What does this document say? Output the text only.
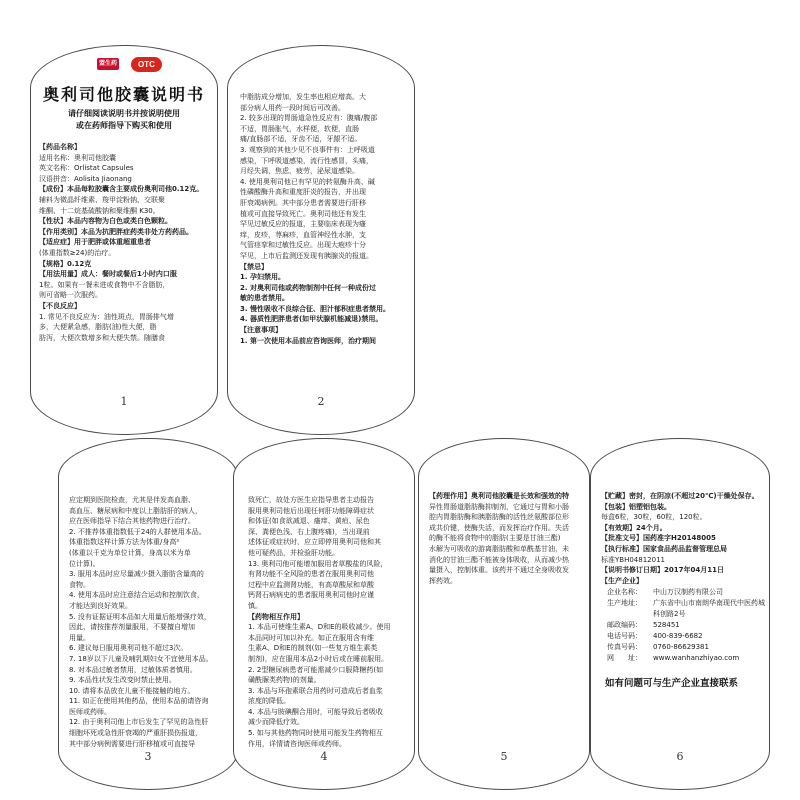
盟生药	OTC
奥利司他胶囊说明书
请仔细阅读说明书并按说明使用
或在药师指导下购买和使用

【药品名称】

适用名称：奥利司他胶囊

英文名称：Orlistat Capsules

汉语拼音：Aolisita Jiaonang

【成份】本品每粒胶囊含主要成份奥利司他0.12克。

辅料为微晶纤维素、羧甲淀粉钠、交联聚

维酮、十二烷基硫酸钠和聚维酮 K30。

【性状】本品内容物为白色或类白色颗粒。

【作用类别】本品为抗肥胖症药类非处方药药品。

【适应症】用于肥胖或体重超重患者

(体重指数≥24)的治疗。

【规格】0.12克

【用法用量】成人：餐时或餐后1小时内口服

1粒。如果有一餐未进或食物中不含脂肪，

则可省略一次服药。

【不良反应】

1. 常见不良反应为：油性斑点，胃肠排气增

多，大便紧急感，脂肪(油)性大便，脂

肪泻，大便次数增多和大便失禁。随膳食

1

中脂肪成分增加，发生率也相应增高。大

部分病人用药一段时间后可改善。

2. 较多出现的胃肠道急性反应有：腹痛/腹部

不适，胃肠胀气，水样便，软便，直肠

痛/直肠部不适，牙齿不适，牙龈不适。

3. 观察到的其他少见不良事件有：上呼吸道

感染，下呼吸道感染，流行性感冒，头痛，

月经失调，焦虑，疲劳，泌尿道感染。

4. 使用奥利司他已有罕见的转氨酶升高、碱

性磷酸酶升高和重度肝炎的报告，并出现

肝衰竭病例。其中部分患者需要进行肝移

植或可直接导致死亡。奥利司他还有发生

罕见过敏反应的报道，主要临床表现为瘙

痒，皮疹，荨麻疹，血管神经性水肿，支

气管痉挛和过敏性反应。出现大疱疹十分

罕见，上市后监测还发现有胰腺炎的报道。

【禁忌】

1. 孕妇禁用。

2. 对奥利司他或药物制剂中任何一种成份过

敏的患者禁用。

3. 慢性吸收不良综合征、胆汁郁积症患者禁用。

4. 器质性肥胖患者(如甲状腺机能减退)禁用。

【注意事项】

1. 第一次使用本品前应咨询医师，治疗期间

2

应定期到医院检查，尤其是伴发高血脂、

高血压、糖尿病和中度以上脂肪肝的病人，

应在医师指导下结合其他药物进行治疗。

2. 不推荐体重指数低于24的人群使用本品。

体重指数这样计算方法为体重/身高²

(体重以千克为单位计算，身高以米为单

位计算)。

3. 服用本品时应尽量减少摄入脂肪含量高的

食物。

4. 使用本品时应注意结合运动和控制饮食，

才能达到良好效果。

5. 没有证据证明本品如大用量后能增强疗效，

因此，请按推荐剂量服用，不要擅自增加

用量。

6. 建议每日服用奥利司他不超过3次。

7. 18岁以下儿童及哺乳期妇女不宜使用本品。

8. 对本品过敏者禁用，过敏体质者慎用。

9. 本品性状发生改变时禁止使用。

10. 请将本品放在儿童不能接触的地方。

11. 如正在使用其他药品，使用本品前请咨询

医师或药师。

12. 由于奥利司他上市后发生了罕见的急性肝

细胞坏死或急性肝衰竭的严重肝损伤报道，

其中部分病例需要进行肝移植或可直接导

3

致死亡，故处方医生应指导患者主动报告

服用奥利司他后出现任何肝功能障碍症状

和体征(如食欲减退、瘙痒、黄疸、尿色

深、粪便色浅、右上腹疼痛)，当出现前

述体征或症状时，应立即停用奥利司他和其

他可疑药品，并检验肝功能。

13. 奥利司他可能增加服用者草酸盐的风险，

有肾功能不全风险的患者在服用奥利司他

过程中应监测肾功能，有高草酸尿和草酸

钙肾石病病史的患者服用奥利司他时应谨

慎。

【药物相互作用】

1. 本品可使维生素A、D和E的吸收减少。使用

本品同时可加以补充。如正在服用含有维

生素A、D和E的制剂(如一些复方维生素类

制剂)，应在服用本品2小时后或在睡前服用。

2. 2型糖尿病患者可能需减少口服降糖药(如

磺酰脲类药物)的剂量。

3. 本品与环孢素联合用药时可造成后者血浆

浓度的降低。

4. 本品与胺碘酮合用时，可能导致后者吸收

减少而降低疗效。

5. 如与其他药物同时使用可能发生药物相互

作用，详情请咨询医师或药师。

4

【药理作用】奥利司他胶囊是长效和强效的特

异性胃肠道脂肪酶抑制剂，它通过与胃和小肠

腔内胃脂肪酶和胰脂肪酶的活性丝氨酸部位形

成共价键，使酶失活，而发挥治疗作用。失活

的酶不能将食物中的脂肪(主要是甘油三酯)

水解为可吸收的游离脂肪酸和单酰基甘油，未

消化的甘油三酯不能被身体吸收，从而减少热

量摄入，控制体重。该药并不通过全身吸收发

挥药效。

5

【贮藏】密封，在阴凉(不超过20℃)干燥处保存。

【包装】铝塑铝包装。

每盒6粒，30粒，60粒，120粒。

【有效期】24个月。

【批准文号】国药准字H20148005

【执行标准】国家食品药品监督管理总局

标准YBH04812011

【说明书修订日期】2017年04月11日

【生产企业】

企业名称：	中山万汉制药有限公司
生产地址：	广东省中山市南朗华南现代中医药城科创路2号
邮政编码：	528451
电话号码：	400-839-6682
传真号码：	0760-86629381
网　　址：	www.wanhanzhiyao.com
如有问题可与生产企业直接联系
6
